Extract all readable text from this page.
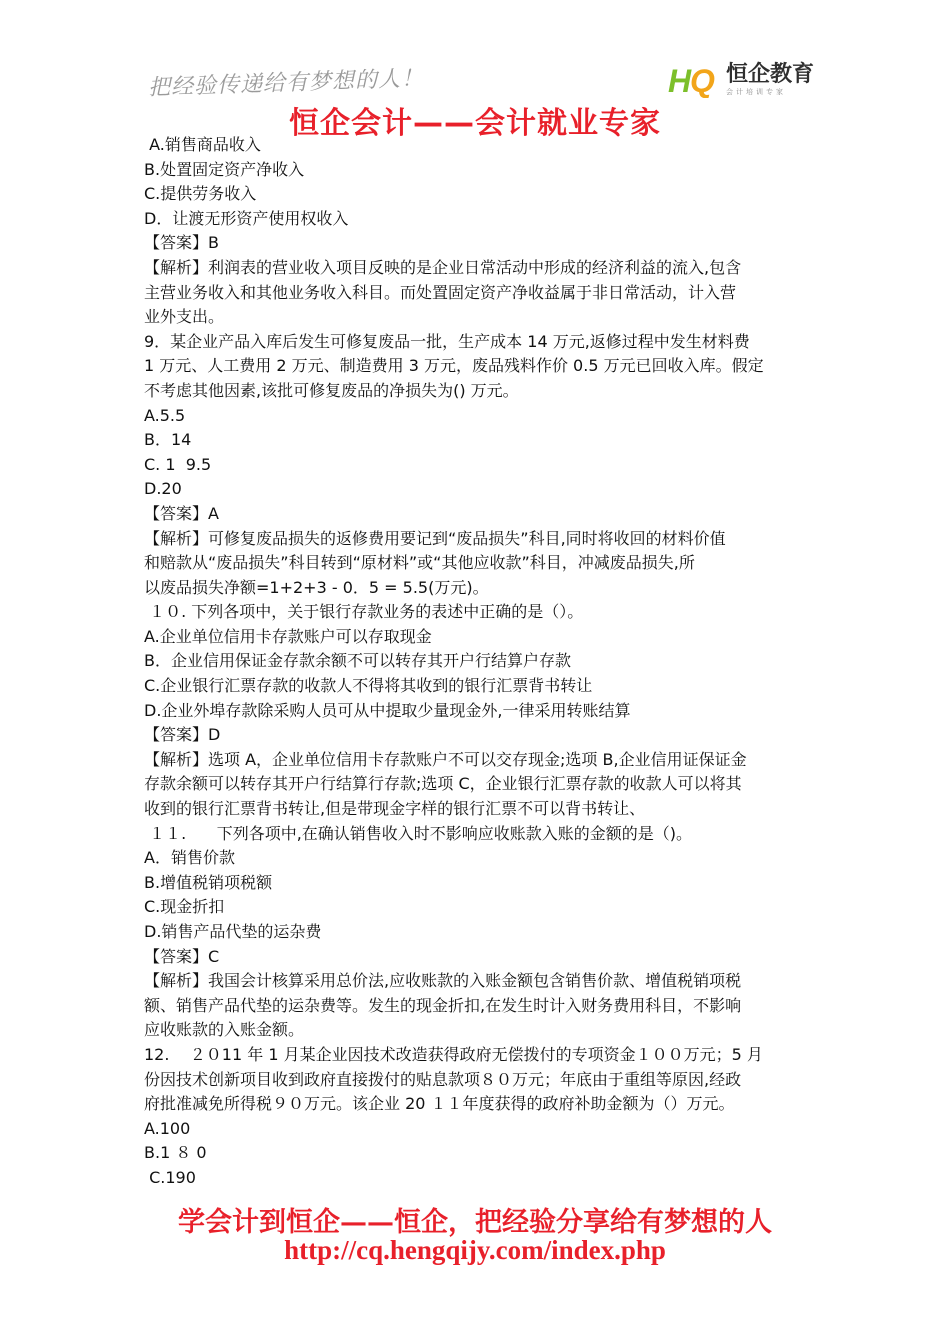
把经验传递给有梦想的人！	H
Q 恒企教育
会计培训专家
恒企会计——会计就业专家
A.销售商品收入
B.处置固定资产净收入
C.提供劳务收入
D．让渡无形资产使用权收入
【答案】B
【解析】利润表的营业收入项目反映的是企业日常活动中形成的经济利益的流入,包含
主营业务收入和其他业务收入科目。而处置固定资产净收益属于非日常活动，计入营
业外支出。
9．某企业产品入库后发生可修复废品一批，生产成本 14 万元,返修过程中发生材料费
1 万元、人工费用 2 万元、制造费用 3 万元，废品残料作价 0.5 万元已回收入库。假定
不考虑其他因素,该批可修复废品的净损失为() 万元。
A.5.5
B．14
C. 1  9.5
D.20
【答案】A
【解析】可修复废品损失的返修费用要记到“废品损失”科目,同时将收回的材料价值
和赔款从“废品损失”科目转到“原材料”或“其他应收款”科目，冲减废品损失,所
以废品损失净额=1+2+3 - 0．5 = 5.5(万元)。
１０. 下列各项中，关于银行存款业务的表述中正确的是（）。
A.企业单位信用卡存款账户可以存取现金
B．企业信用保证金存款余额不可以转存其开户行结算户存款
C.企业银行汇票存款的收款人不得将其收到的银行汇票背书转让
D.企业外埠存款除采购人员可从中提取少量现金外,一律采用转账结算
【答案】D
【解析】选项 A，企业单位信用卡存款账户不可以交存现金;选项 B,企业信用证保证金
存款余额可以转存其开户行结算行存款;选项 C，企业银行汇票存款的收款人可以将其
收到的银行汇票背书转让,但是带现金字样的银行汇票不可以背书转让、
１１.      下列各项中,在确认销售收入时不影响应收账款入账的金额的是（)。
A．销售价款
B.增值税销项税额
C.现金折扣
D.销售产品代垫的运杂费
【答案】C
【解析】我国会计核算采用总价法,应收账款的入账金额包含销售价款、增值税销项税
额、销售产品代垫的运杂费等。发生的现金折扣,在发生时计入财务费用科目，不影响
应收账款的入账金额。
12.    ２０11 年 1 月某企业因技术改造获得政府无偿拨付的专项资金１００万元；5 月
份因技术创新项目收到政府直接拨付的贴息款项８０万元；年底由于重组等原因,经政
府批准减免所得税９０万元。该企业 20 １１年度获得的政府补助金额为（）万元。
A.100
B.1 ８ 0
C.190
学会计到恒企——恒企，把经验分享给有梦想的人
http://cq.hengqijy.com/index.php
